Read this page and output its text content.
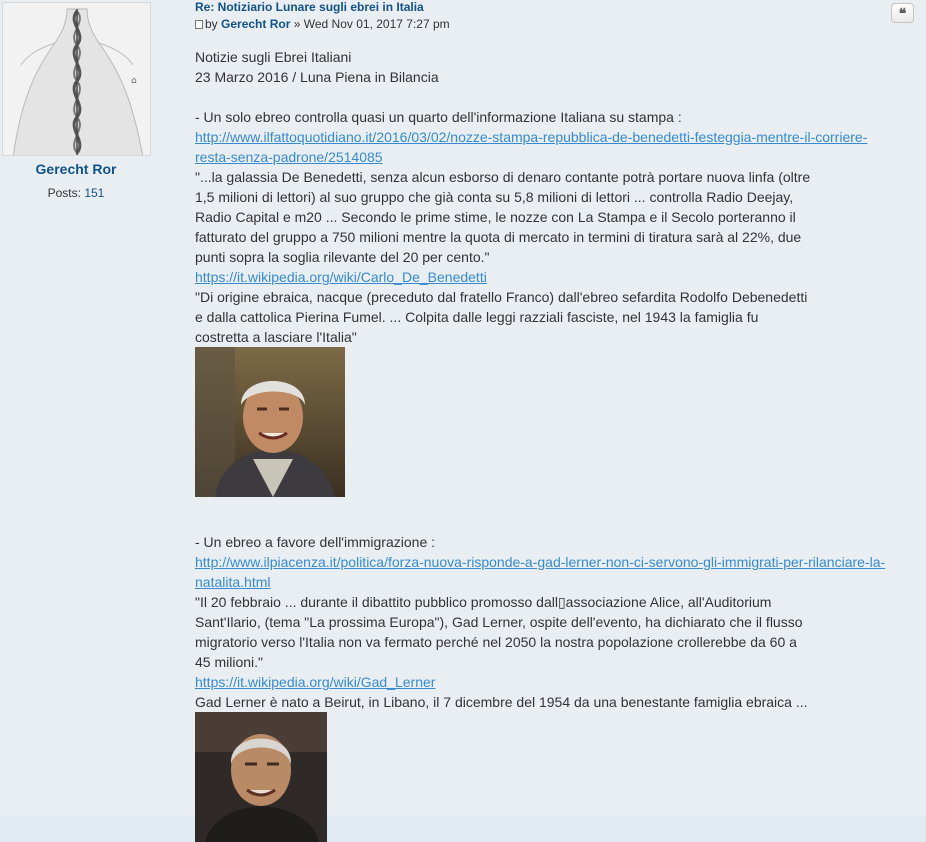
⌂
Gerecht Ror
Posts: 151
❝
Re: Notiziario Lunare sugli ebrei in Italia
by Gerecht Ror » Wed Nov 01, 2017 7:27 pm
Notizie sugli Ebrei Italiani
23 Marzo 2016 / Luna Piena in Bilancia
- Un solo ebreo controlla quasi un quarto dell'informazione Italiana su stampa :
http://www.ilfattoquotidiano.it/2016/03/02/nozze-stampa-repubblica-de-benedetti-festeggia-mentre-il-corriere-
resta-senza-padrone/2514085
"...la galassia De Benedetti, senza alcun esborso di denaro contante potrà portare nuova linfa (oltre
1,5 milioni di lettori) al suo gruppo che già conta su 5,8 milioni di lettori ... controlla Radio Deejay,
Radio Capital e m20 ... Secondo le prime stime, le nozze con La Stampa e il Secolo porteranno il
fatturato del gruppo a 750 milioni mentre la quota di mercato in termini di tiratura sarà al 22%, due
punti sopra la soglia rilevante del 20 per cento."
https://it.wikipedia.org/wiki/Carlo_De_Benedetti
"Di origine ebraica, nacque (preceduto dal fratello Franco) dall'ebreo sefardita Rodolfo Debenedetti
e dalla cattolica Pierina Fumel. ... Colpita dalle leggi razziali fasciste, nel 1943 la famiglia fu
costretta a lasciare l'Italia"
- Un ebreo a favore dell'immigrazione :
http://www.ilpiacenza.it/politica/forza-nuova-risponde-a-gad-lerner-non-ci-servono-gli-immigrati-per-rilanciare-la-
natalita.html
"Il 20 febbraio ... durante il dibattito pubblico promosso dall▯associazione Alice, all'Auditorium
Sant'Ilario, (tema "La prossima Europa"), Gad Lerner, ospite dell'evento, ha dichiarato che il flusso
migratorio verso l'Italia non va fermato perché nel 2050 la nostra popolazione crollerebbe da 60 a
45 milioni."
https://it.wikipedia.org/wiki/Gad_Lerner
Gad Lerner è nato a Beirut, in Libano, il 7 dicembre del 1954 da una benestante famiglia ebraica ...
